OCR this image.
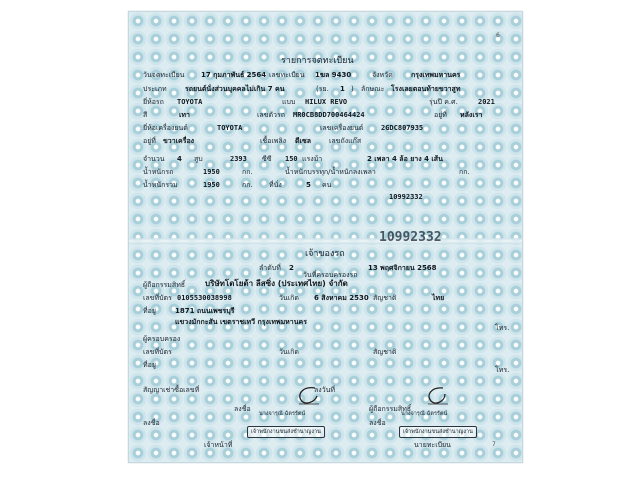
6
รายการจดทะเบียน
วันจดทะเบียน 17 กุมภาพันธ์ 2564 เลขทะเบียน 1ฆล 9430	จังหวัด	กรุงเทพมหานคร
ประเภท	รถยนต์นั่งส่วนบุคคลไม่เกิน 7 คน	(รย. 1 ) ลักษณะ โรงเลยตอนท้ายขวาสูท
ยี่ห้อรถ TOYOTA	แบบ HILUX REVO	รุ่นปี ค.ศ.	2021
สี	เทา	เลขตัวรถ MR0CB8DD700464424	อยู่ที่ หลังเรา
ยี่ห้อเครื่องยนต์	TOYOTA	เลขเครื่องยนต์	2GDC807935
อยู่ที่ ขวาเครื่อง	เชื้อเพลิง ดีเซล	เลขถังแก๊ส
จำนวน 4 สูบ	2393 ซีซี 150 แรงม้า	2 เพลา 4 ล้อ ยาง 4 เส้น
น้ำหนักรถ	1950	กก.	น้ำหนักบรรทุก/น้ำหนักลงเพลา	กก.
น้ำหนักรวม	1950	กก. ที่นั่ง	5 คน
10992332
10992332
เจ้าของรถ
ลำดับที่ 2
วันที่ครอบครองรถ
13 พฤศจิกายน 2568
ผู้ถือกรรมสิทธิ์ บริษัทโตโยต้า ลีสซิ่ง (ประเทศไทย) จำกัด
เลขที่บัตร 0105530038998	วันเกิด 6 สิงหาคม 2530 สัญชาติ	ไทย
ที่อยู่	1871 ถนนเพชรบุรี
แขวงมักกะสัน เขตราชเทวี กรุงเทพมหานคร
โทร.
ผู้ครอบครอง
เลขที่บัตร	วันเกิด	สัญชาติ
ที่อยู่
โทร.
สัญญาเช่าซื้อเลขที่	ลงวันที่
ลงชื่อ	ผู้ถือกรรมสิทธิ์
นางจารุณี ฉัตรรัตน์	นางจารุณี ฉัตรรัตน์
ลงชื่อ	ลงชื่อ
เจ้าพนักงานขนส่งชำนาญงาน	เจ้าพนักงานขนส่งชำนาญงาน
เจ้าหน้าที่	นายทะเบียน	7
